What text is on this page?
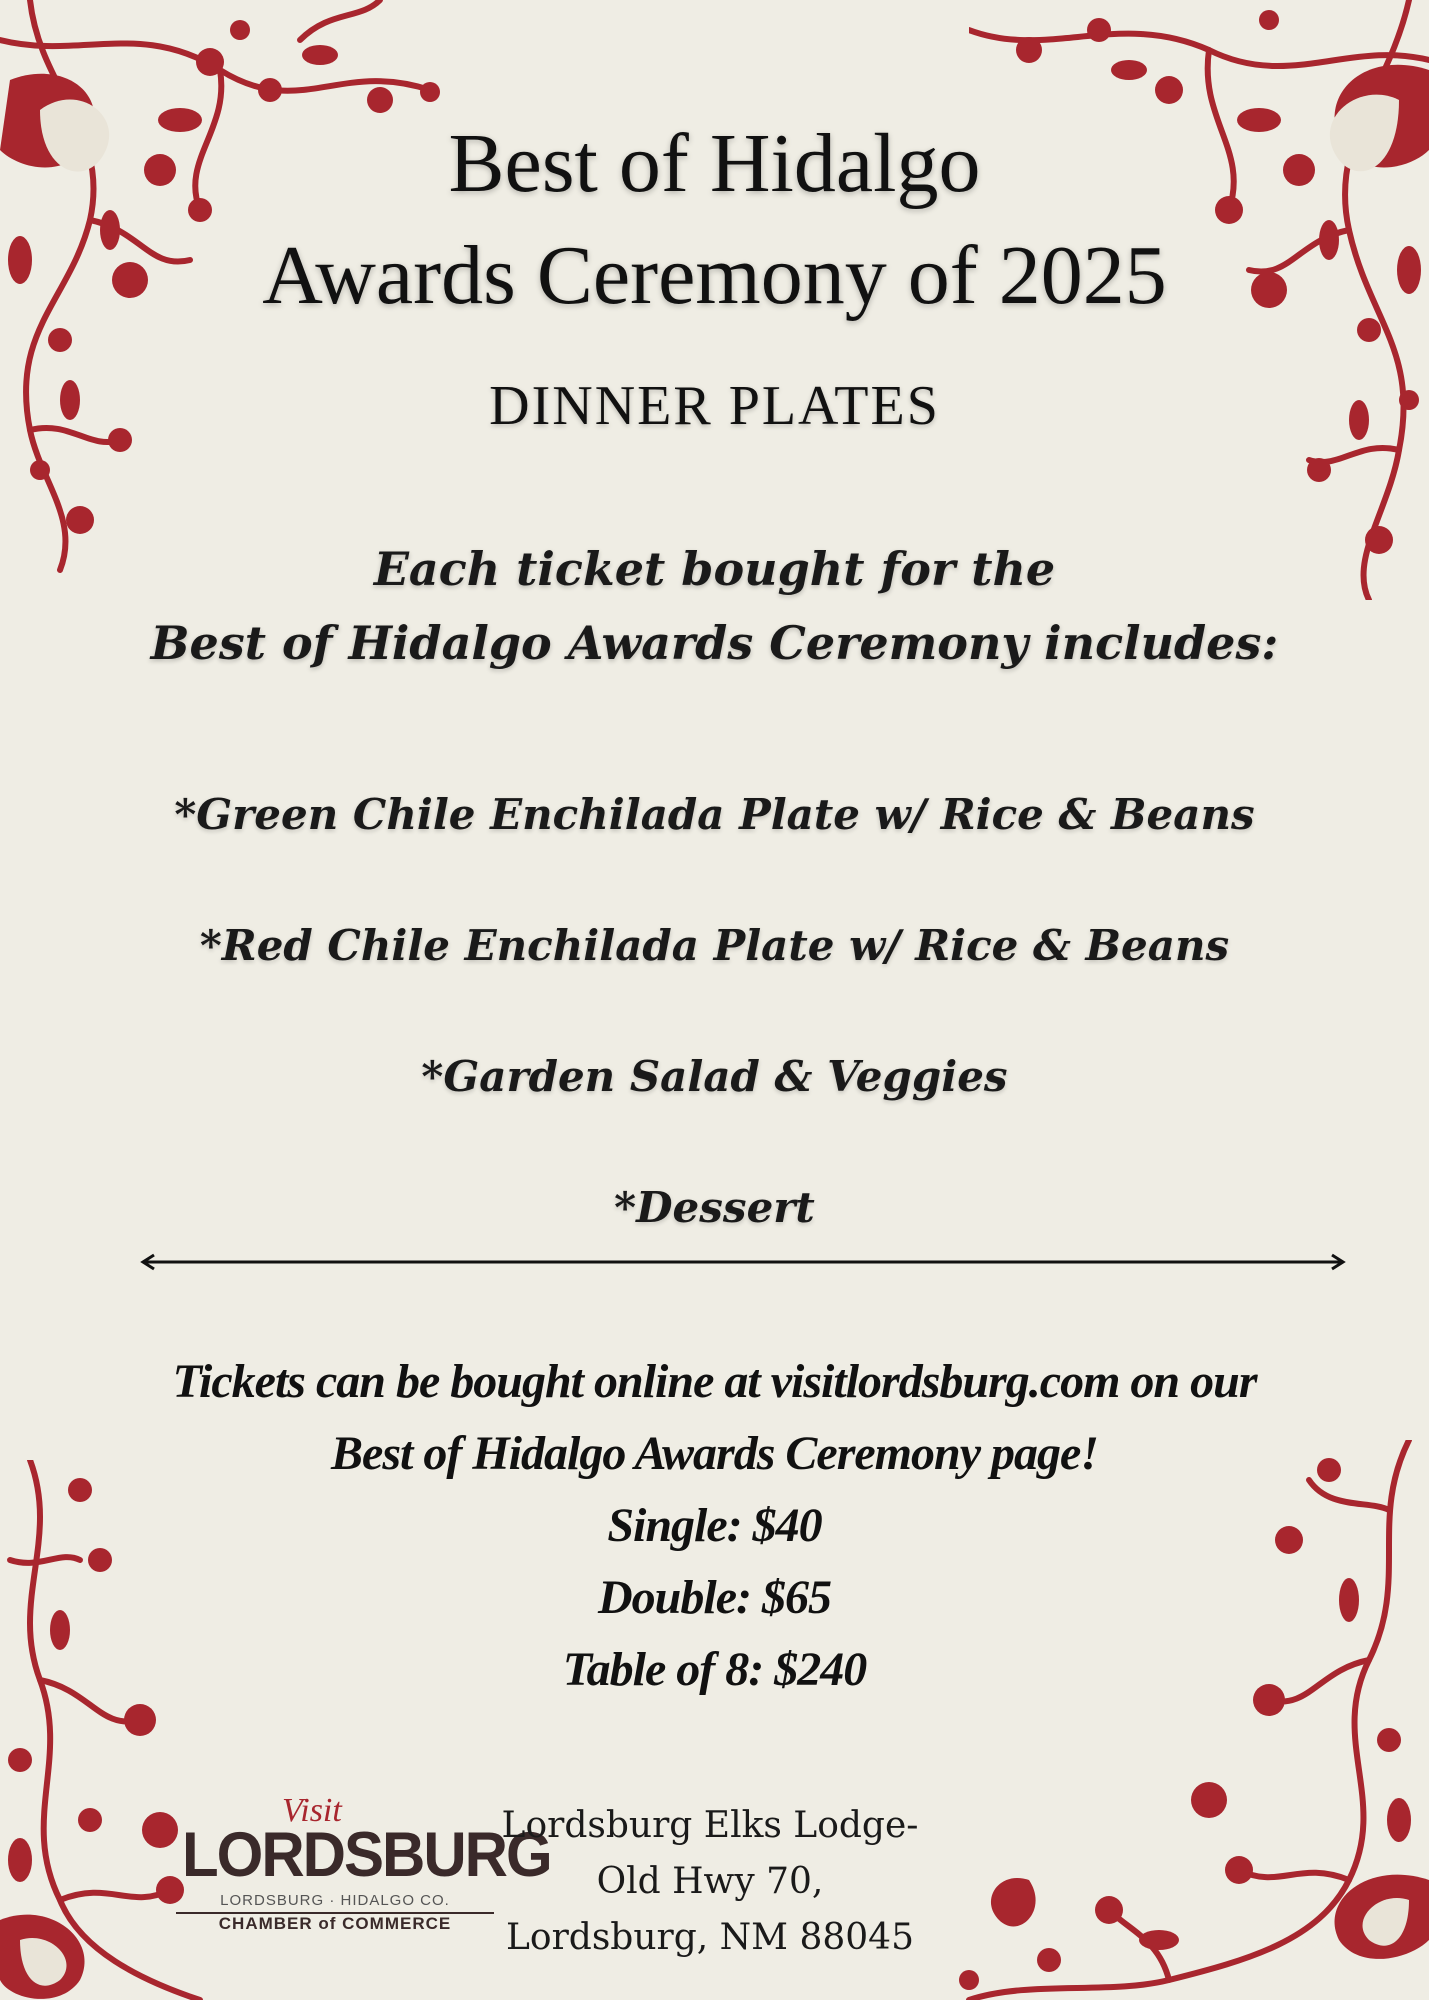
Best of Hidalgo
Awards Ceremony of 2025
DINNER PLATES
Each ticket bought for the
Best of Hidalgo Awards Ceremony includes:
*Green Chile Enchilada Plate w/ Rice & Beans
*Red Chile Enchilada Plate w/ Rice & Beans
*Garden Salad & Veggies
*Dessert
Tickets can be bought online at visitlordsburg.com on our
Best of Hidalgo Awards Ceremony page!
Single: $40
Double: $65
Table of 8: $240
Visit
LORDSBURG
LORDSBURG · HIDALGO CO.
CHAMBER of COMMERCE
Lordsburg Elks Lodge-
Old Hwy 70,
Lordsburg, NM 88045
